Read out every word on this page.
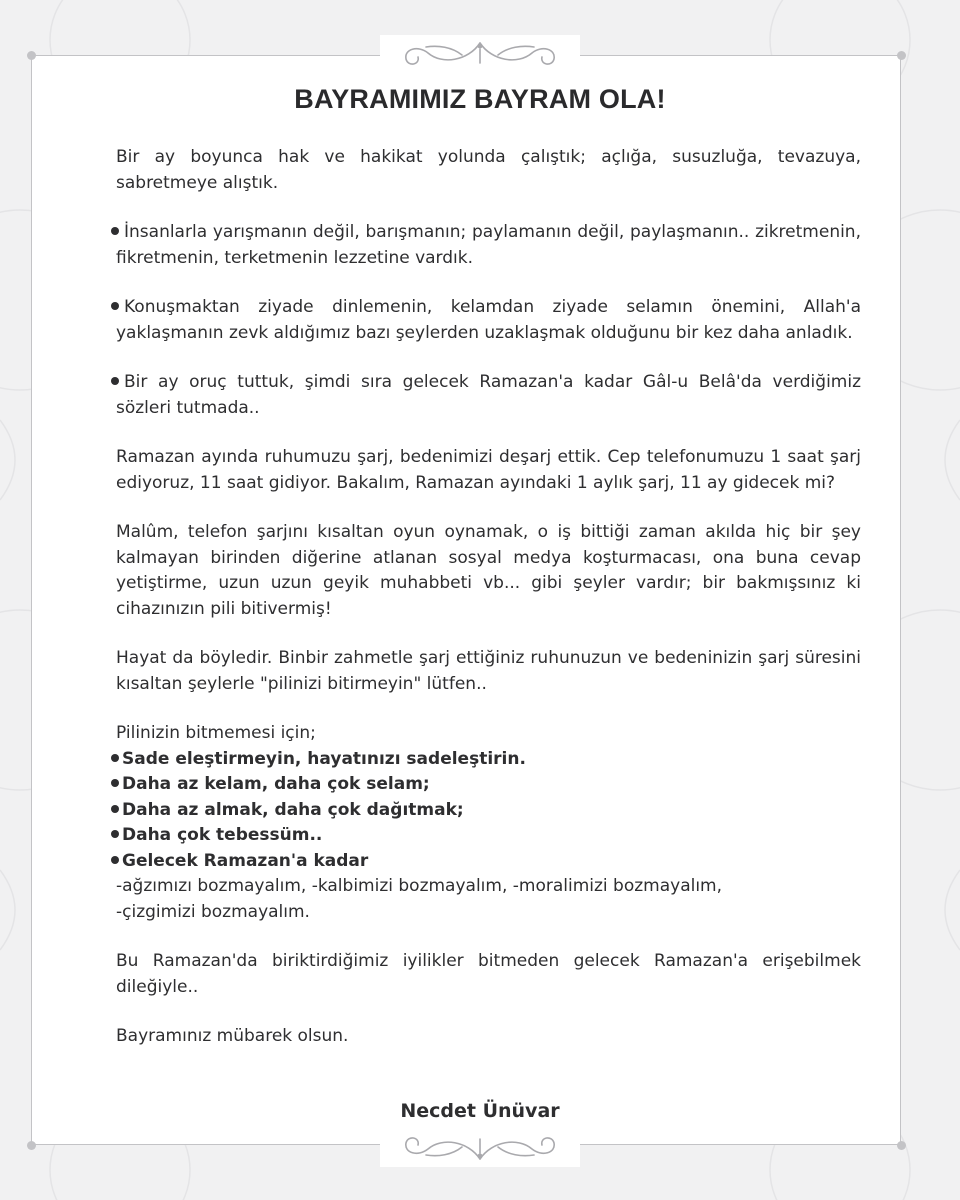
BAYRAMIMIZ BAYRAM OLA!

Bir ay boyunca hak ve hakikat yolunda çalıştık; açlığa, susuzluğa, tevazuya, sabretmeye alıştık.

İnsanlarla yarışmanın değil, barışmanın; paylamanın değil, paylaşmanın.. zikretmenin, fikretmenin, terketmenin lezzetine vardık.

Konuşmaktan ziyade dinlemenin, kelamdan ziyade selamın önemini, Allah'a yaklaşmanın zevk aldığımız bazı şeylerden uzaklaşmak olduğunu bir kez daha anladık.

Bir ay oruç tuttuk, şimdi sıra gelecek Ramazan'a kadar Gâl-u Belâ'da verdiğimiz sözleri tutmada..

Ramazan ayında ruhumuzu şarj, bedenimizi deşarj ettik. Cep telefonumuzu 1 saat şarj ediyoruz, 11 saat gidiyor. Bakalım, Ramazan ayındaki 1 aylık şarj, 11 ay gidecek mi?

Malûm, telefon şarjını kısaltan oyun oynamak, o iş bittiği zaman akılda hiç bir şey kalmayan birinden diğerine atlanan sosyal medya koşturmacası, ona buna cevap yetiştirme, uzun uzun geyik muhabbeti vb... gibi şeyler vardır; bir bakmışsınız ki cihazınızın pili bitivermiş!

Hayat da böyledir. Binbir zahmetle şarj ettiğiniz ruhunuzun ve bedeninizin şarj süresini kısaltan şeylerle "pilinizi bitirmeyin" lütfen..

Pilinizin bitmemesi için;
Sade eleştirmeyin, hayatınızı sadeleştirin.
Daha az kelam, daha çok selam;
Daha az almak, daha çok dağıtmak;
Daha çok tebessüm..
Gelecek Ramazan'a kadar
-ağzımızı bozmayalım, -kalbimizi bozmayalım, -moralimizi bozmayalım,
-çizgimizi bozmayalım.

Bu Ramazan'da biriktirdiğimiz iyilikler bitmeden gelecek Ramazan'a erişebilmek dileğiyle..

Bayramınız mübarek olsun.

Necdet Ünüvar
